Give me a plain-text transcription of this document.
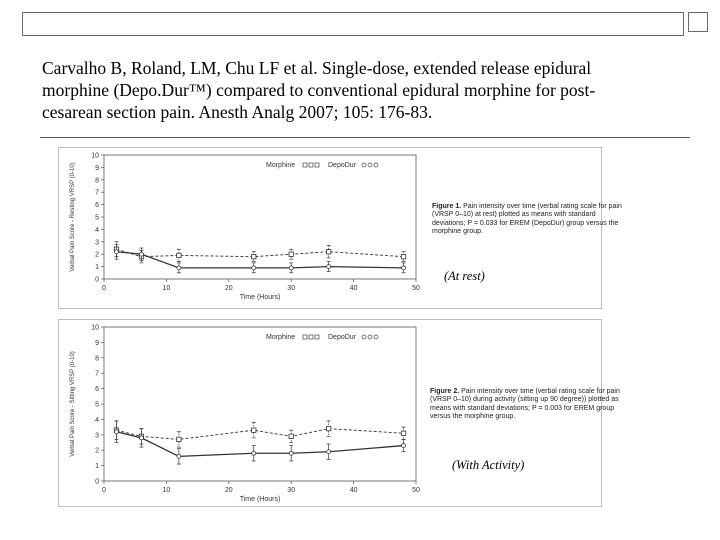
Carvalho B, Roland, LM, Chu LF et al. Single-dose, extended release epidural
morphine (Depo.Dur™) compared to conventional epidural morphine for post-
cesarean section pain. Anesth Analg 2007; 105: 176-83.
0
1
2
3
4
5
6
7
8
9
10
0	10	20	30	40	50
Time (Hours)
Verbal Pain Score - Resting VRSP (0-10)	Morphine	DepoDur
0
1
2
3
4
5
6
7
8
9
10
0	10	20	30	40	50
Time (Hours)
Verbal Pain Score - Sitting VRSP (0-10)
Morphine	DepoDur
Figure 1. Pain intensity over time (verbal rating scale for pain (VRSP 0–10) at rest) plotted as means with standard deviations; P = 0.033 for EREM (DepoDur) group versus the morphine group.
(At rest)
Figure 2. Pain intensity over time (verbal rating scale for pain (VRSP 0–10) during activity (sitting up 90 degree)) plotted as means with standard deviations; P = 0.003 for EREM group versus the morphine group.
(With Activity)
